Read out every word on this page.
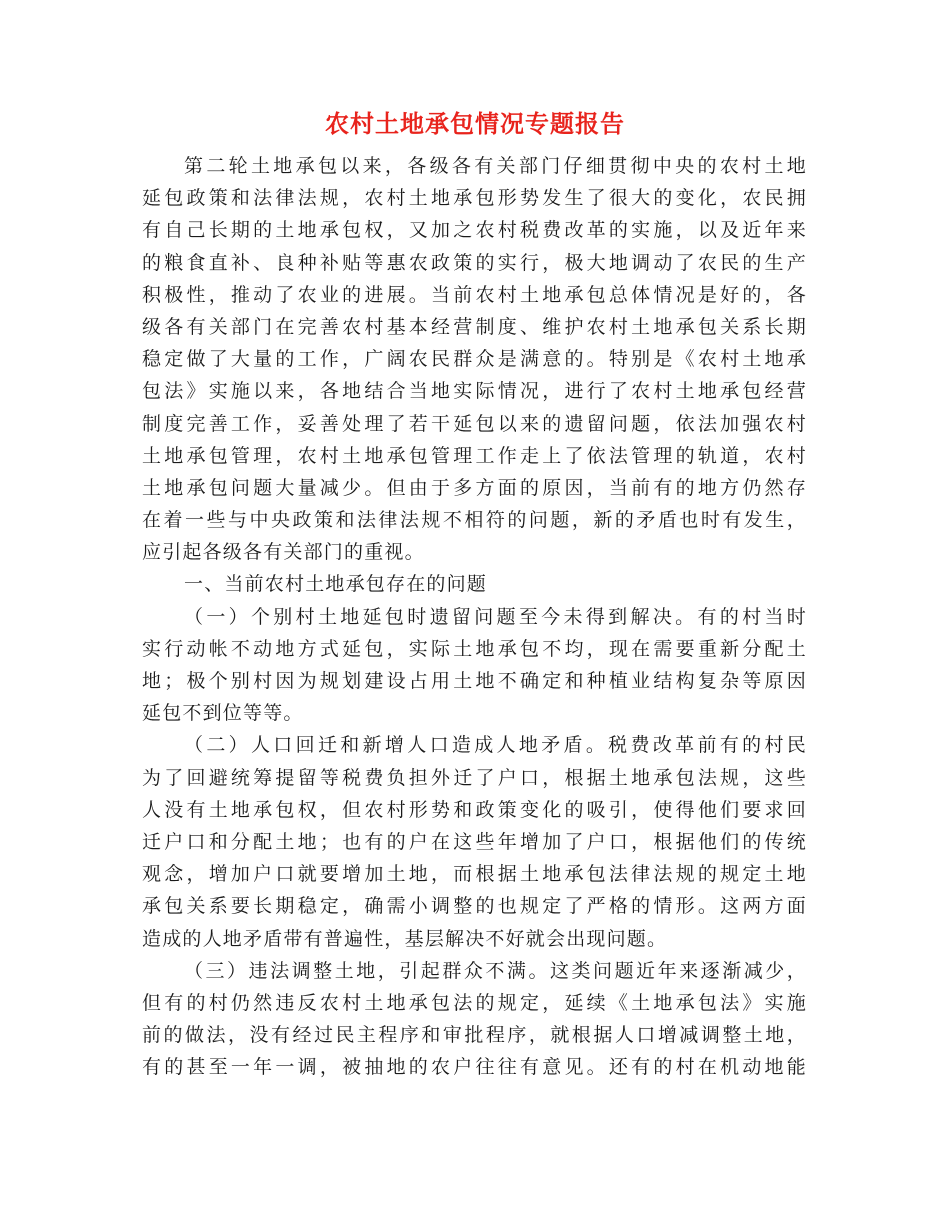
农村土地承包情况专题报告
第二轮土地承包以来，各级各有关部门仔细贯彻中央的农村土地
延包政策和法律法规，农村土地承包形势发生了很大的变化，农民拥
有自己长期的土地承包权，又加之农村税费改革的实施，以及近年来
的粮食直补、良种补贴等惠农政策的实行，极大地调动了农民的生产
积极性，推动了农业的进展。当前农村土地承包总体情况是好的，各
级各有关部门在完善农村基本经营制度、维护农村土地承包关系长期
稳定做了大量的工作，广阔农民群众是满意的。特别是《农村土地承
包法》实施以来，各地结合当地实际情况，进行了农村土地承包经营
制度完善工作，妥善处理了若干延包以来的遗留问题，依法加强农村
土地承包管理，农村土地承包管理工作走上了依法管理的轨道，农村
土地承包问题大量减少。但由于多方面的原因，当前有的地方仍然存
在着一些与中央政策和法律法规不相符的问题，新的矛盾也时有发生，
应引起各级各有关部门的重视。
一、当前农村土地承包存在的问题
（一）个别村土地延包时遗留问题至今未得到解决。有的村当时
实行动帐不动地方式延包，实际土地承包不均，现在需要重新分配土
地；极个别村因为规划建设占用土地不确定和种植业结构复杂等原因
延包不到位等等。
（二）人口回迁和新增人口造成人地矛盾。税费改革前有的村民
为了回避统筹提留等税费负担外迁了户口，根据土地承包法规，这些
人没有土地承包权，但农村形势和政策变化的吸引，使得他们要求回
迁户口和分配土地；也有的户在这些年增加了户口，根据他们的传统
观念，增加户口就要增加土地，而根据土地承包法律法规的规定土地
承包关系要长期稳定，确需小调整的也规定了严格的情形。这两方面
造成的人地矛盾带有普遍性，基层解决不好就会出现问题。
（三）违法调整土地，引起群众不满。这类问题近年来逐渐减少，
但有的村仍然违反农村土地承包法的规定，延续《土地承包法》实施
前的做法，没有经过民主程序和审批程序，就根据人口增减调整土地，
有的甚至一年一调，被抽地的农户往往有意见。还有的村在机动地能
